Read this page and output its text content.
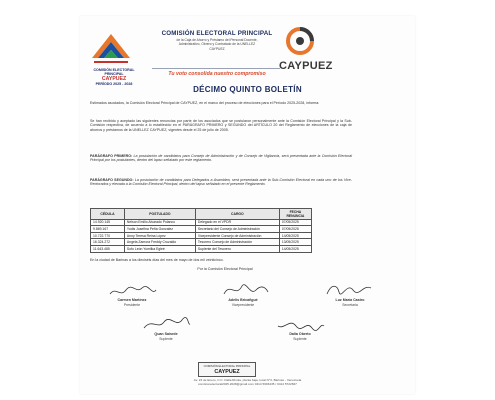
COMISIÓN ELECTORAL
PRINCIPAL
CAYPUEZ
PERÍODO 2025 - 2028
COMISIÓN ELECTORAL PRINCIPAL
de la Caja de Ahorro y Préstamo del Personal Docente,
Administrativo, Obrero y Contratado de la UNELLEZ
CAYPUEZ
Tu voto consolida nuestro compromiso
CAYPUEZ
DÉCIMO QUINTO BOLETÍN
Estimados asociados, la Comisión Electoral Principal de CAYPUEZ, en el marco del proceso de elecciones para el Período 2025-2028, informa:
Se han recibido y aceptado las siguientes renuncias por parte de los asociados que se postularon personalmente ante la Comisión Electoral Principal y la Sub-Comisión respectiva, de acuerdo a lo establecido en el PARÁGRAFO PRIMERO y SEGUNDO del ARTÍCULO 20 del Reglamento de elecciones de la caja de ahorros y préstamos de la UNELLEZ CAYPUEZ, vigentes desde el 25 de julio de 2005.
PARÁGRAFO PRIMERO: La postulación de candidatos para Consejo de Administración y de Consejo de Vigilancia, será presentada ante la Comisión Electoral Principal por los postulantes, dentro del lapso señalado por este reglamento.
PARÁGRAFO SEGUNDO: La postulación de candidatos para Delegados a Asamblea, será presentada ante la Sub-Comisión Electoral en cada uno de los Vice-Rectorados y elevada a la Comisión Electoral Principal, dentro del lapso señalado en el presente Reglamento.
CÉDULA	POSTULADO	CARGO	FECHA RENUNCIA
14.920.145	Nelson Emilio Alvarado Polanco	Delegado en el VPDR	07/05/2025
9.869.167	Yudis Josefina Peña Gonzalez	Secretario del Consejo de Administración	07/05/2025
10.722.770	Anny Teresa Reina López	Vicepresidente Consejo de Administración	14/05/2025
16.324.272	Angela Zamora Freddy Cruzaldo	Tesorero Consejo de Administración	13/05/2025
11.643.485	Sofo León Yumilka Egleé	Suplente del Tesorero	14/05/2025
En la ciudad de Barinas a los dieciséis días del mes de mayo de dos mil veinticinco.
Por la Comisión Electoral Principal
Carmen Martínez
Presidente
Adelis Bricañgué
Vicepresidente
Luz María Castro
Secretaria
Quan Saisrde
Suplente
Dalia Oberto
Suplente
COMISIÓN ELECTORAL PRINCIPAL
CAYPUEZ
Av. 23 de Enero, C.C. Dalla Rivola, planta baja, local N°3, Barinas - Venezuela
comisionelectoral2025.2028@gmail.com 0414 5693435 / 0414 5722667
